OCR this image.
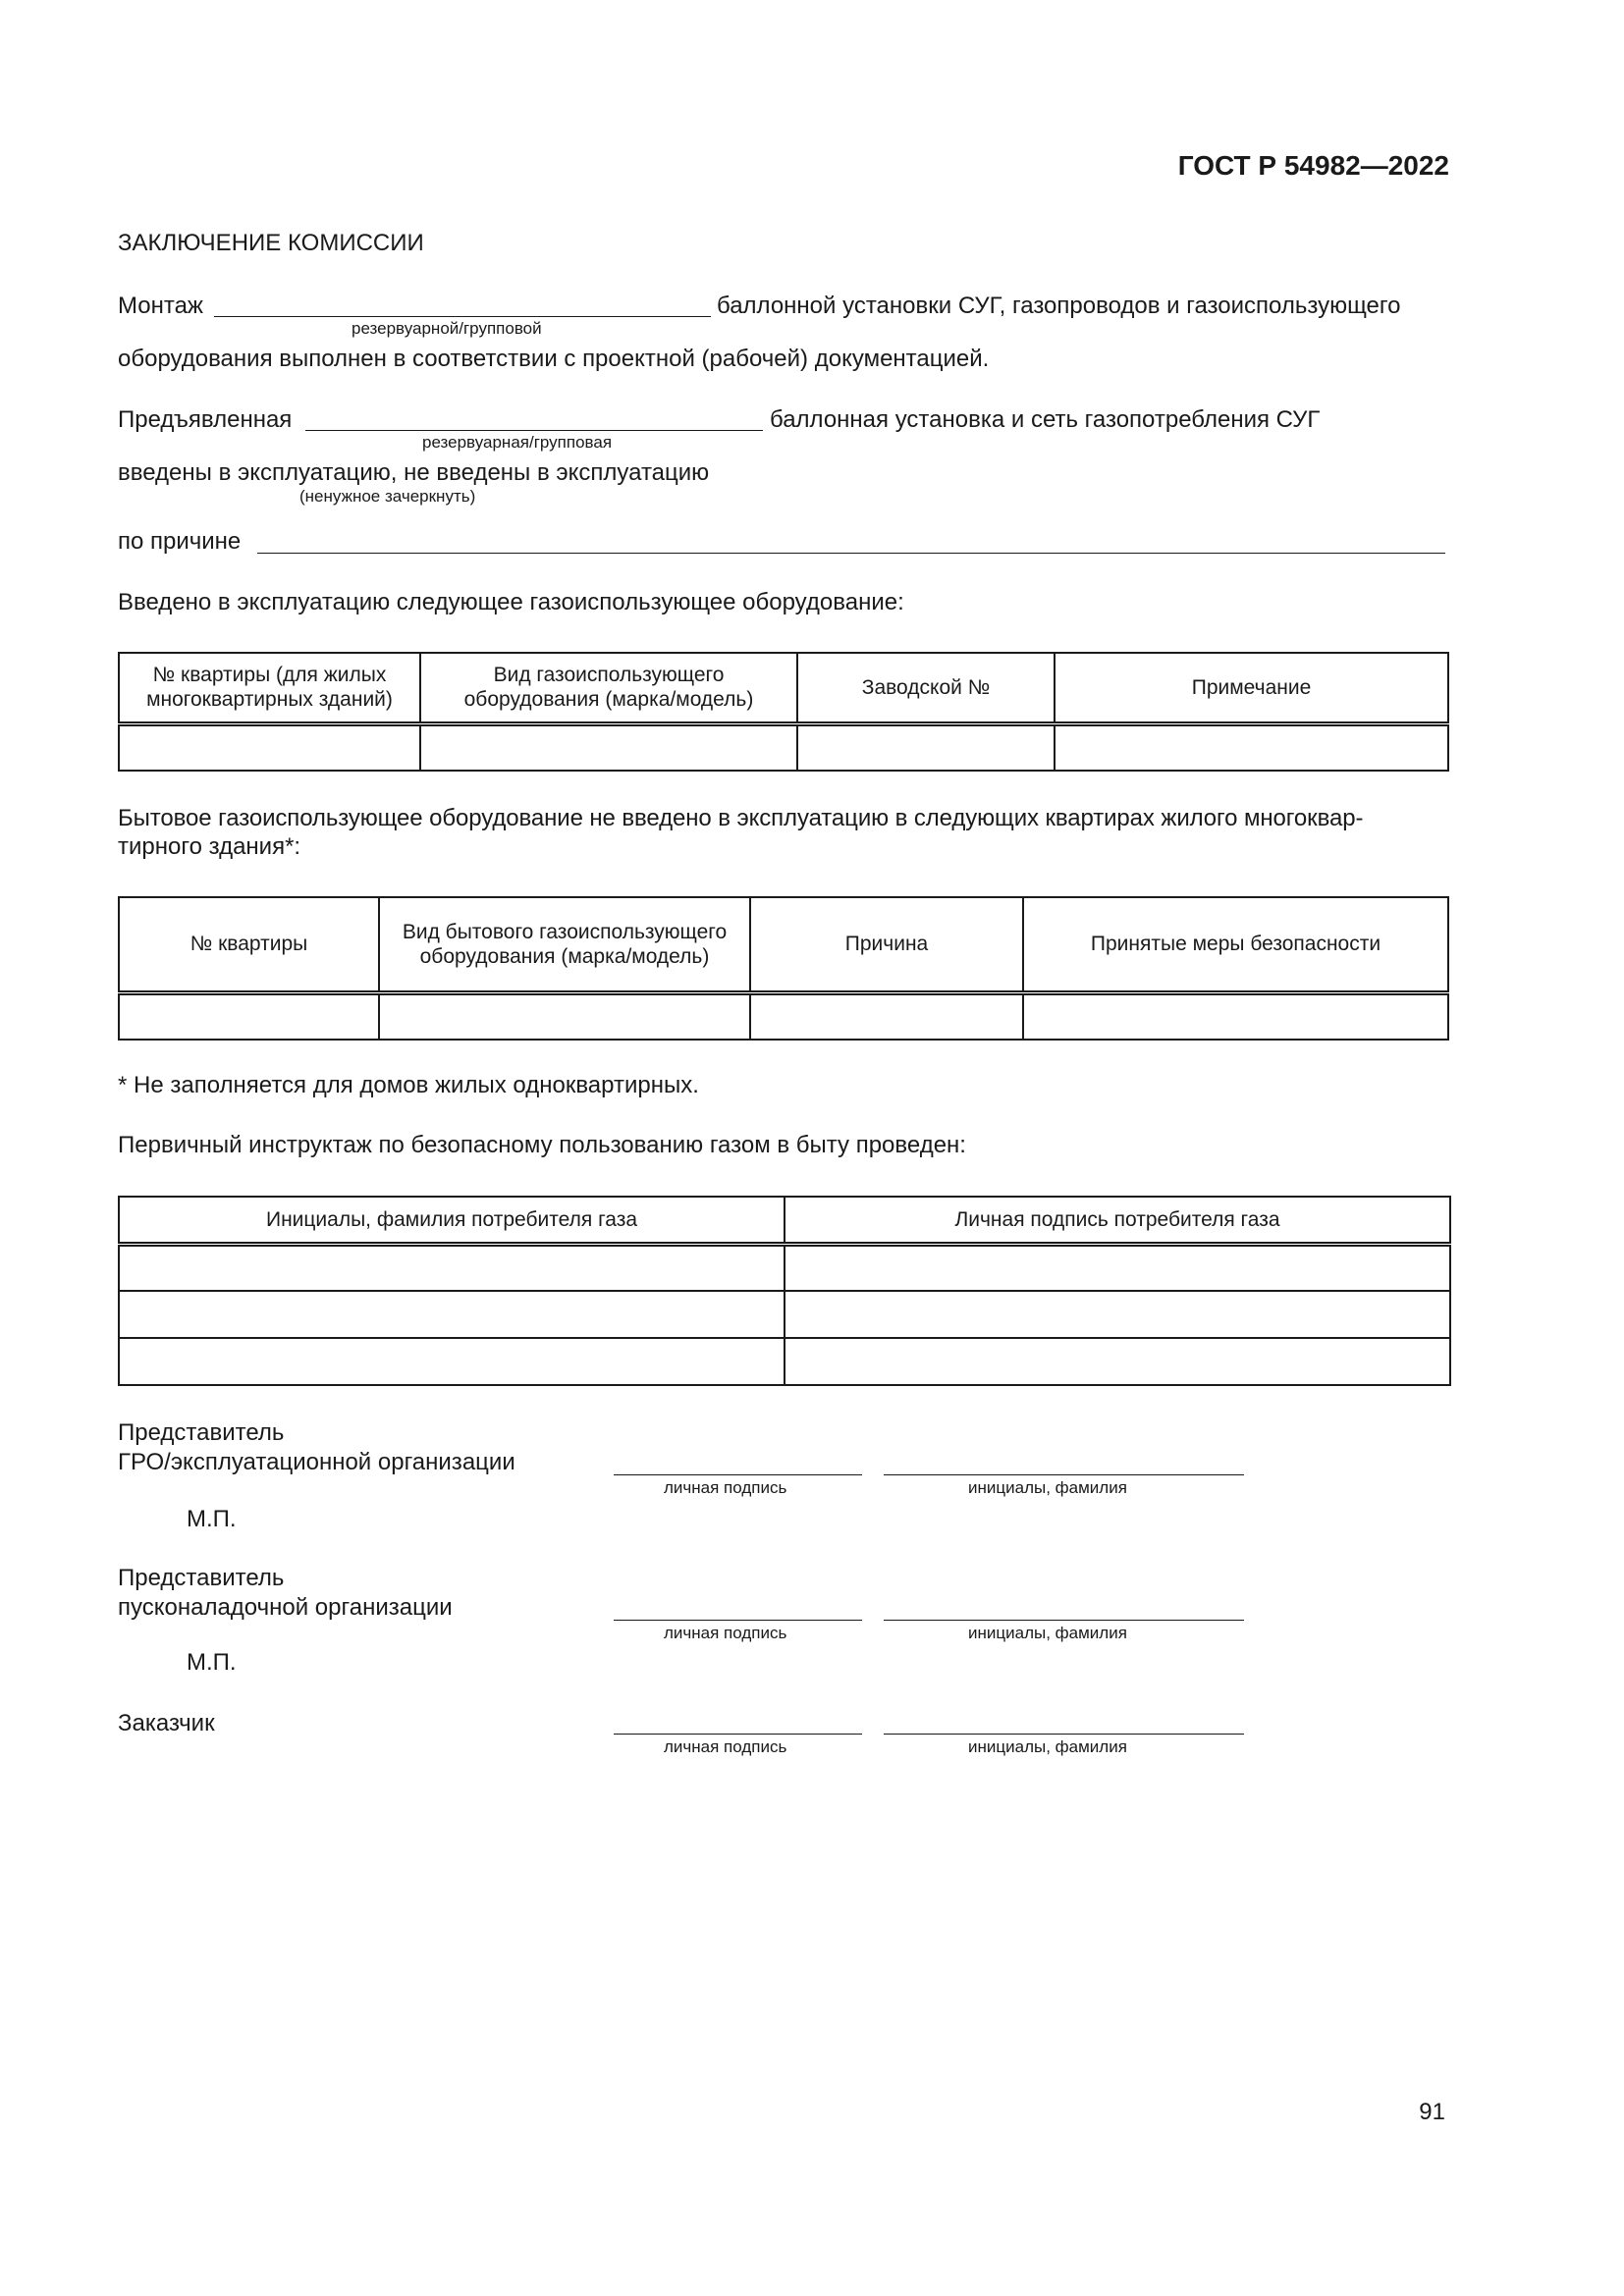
ГОСТ Р 54982—2022
ЗАКЛЮЧЕНИЕ КОМИССИИ
Монтаж
резервуарной/групповой
баллонной установки СУГ, газопроводов и газоиспользующего
оборудования выполнен в соответствии с проектной (рабочей) документацией.
Предъявленная
резервуарная/групповая
баллонная установка и сеть газопотребления СУГ
введены в эксплуатацию, не введены в эксплуатацию
(ненужное зачеркнуть)
по причине
Введено в эксплуатацию следующее газоиспользующее оборудование:
№ квартиры (для жилых многоквартирных зданий)	Вид газоиспользующего оборудования (марка/модель)	Заводской №	Примечание

Бытовое газоиспользующее оборудование не введено в эксплуатацию в следующих квартирах жилого многоквар-
тирного здания*:
№ квартиры	Вид бытового газоиспользующего оборудования (марка/модель)	Причина	Принятые меры безопасности

* Не заполняется для домов жилых одноквартирных.
Первичный инструктаж по безопасному пользованию газом в быту проведен:
Инициалы, фамилия потребителя газа	Личная подпись потребителя газа

Представитель
ГРО/эксплуатационной организации
личная подпись	инициалы, фамилия
М.П.
Представитель
пусконаладочной организации
личная подпись	инициалы, фамилия
М.П.
Заказчик
личная подпись	инициалы, фамилия
91
